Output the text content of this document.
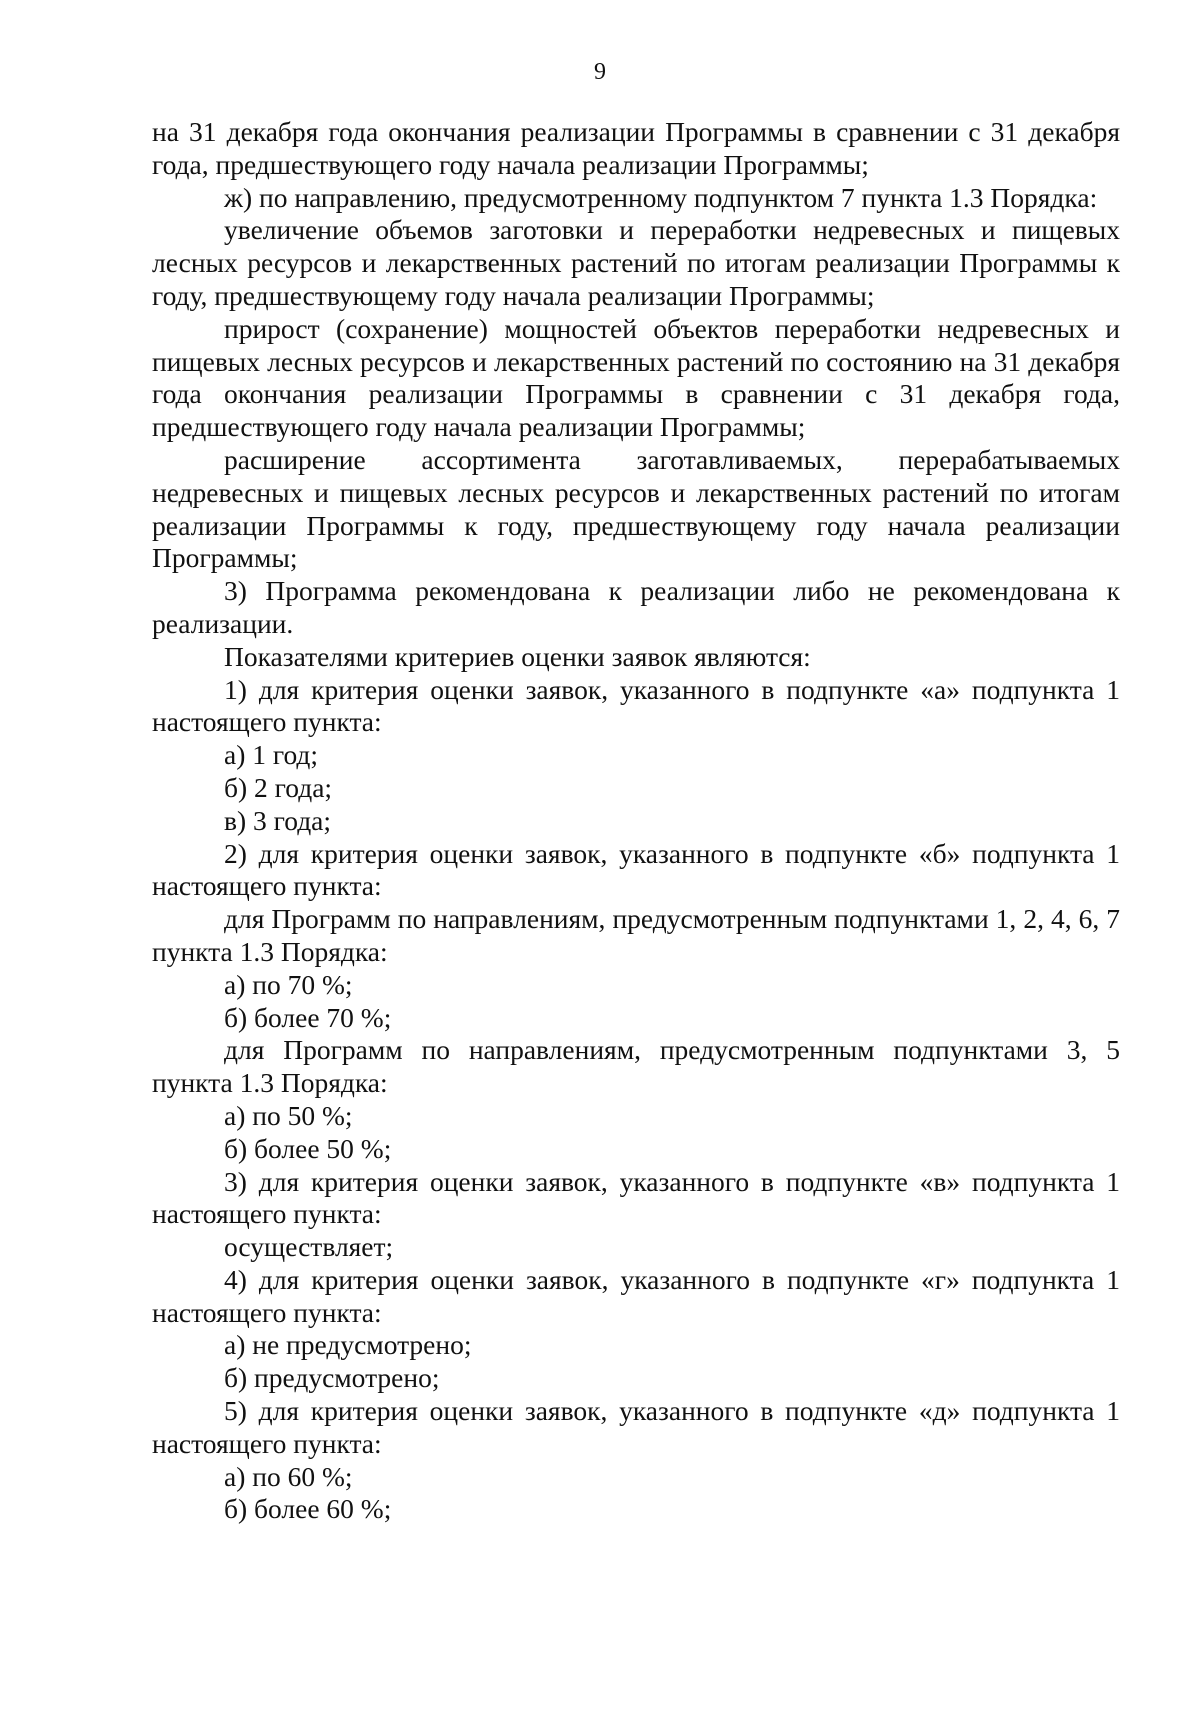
9

на 31 декабря года окончания реализации Программы в сравнении с 31 декабря года, предшествующего году начала реализации Программы;

ж) по направлению, предусмотренному подпунктом 7 пункта 1.3 Порядка:

увеличение объемов заготовки и переработки недревесных и пищевых лесных ресурсов и лекарственных растений по итогам реализации Программы к году, предшествующему году начала реализации Программы;

прирост (сохранение) мощностей объектов переработки недревесных и пищевых лесных ресурсов и лекарственных растений по состоянию на 31 декабря года окончания реализации Программы в сравнении с 31 декабря года, предшествующего году начала реализации Программы;

расширение ассортимента заготавливаемых, перерабатываемых недревесных и пищевых лесных ресурсов и лекарственных растений по итогам реализации Программы к году, предшествующему году начала реализации Программы;

3) Программа рекомендована к реализации либо не рекомендована к реализации.

Показателями критериев оценки заявок являются:

1) для критерия оценки заявок, указанного в подпункте «а» подпункта 1 настоящего пункта:

а) 1 год;

б) 2 года;

в) 3 года;

2) для критерия оценки заявок, указанного в подпункте «б» подпункта 1 настоящего пункта:

для Программ по направлениям, предусмотренным подпунктами 1, 2, 4, 6, 7 пункта 1.3 Порядка:

а) по 70 %;

б) более 70 %;

для Программ по направлениям, предусмотренным подпунктами 3, 5 пункта 1.3 Порядка:

а) по 50 %;

б) более 50 %;

3) для критерия оценки заявок, указанного в подпункте «в» подпункта 1 настоящего пункта:

осуществляет;

4) для критерия оценки заявок, указанного в подпункте «г» подпункта 1 настоящего пункта:

а) не предусмотрено;

б) предусмотрено;

5) для критерия оценки заявок, указанного в подпункте «д» подпункта 1 настоящего пункта:

а) по 60 %;

б) более 60 %;
